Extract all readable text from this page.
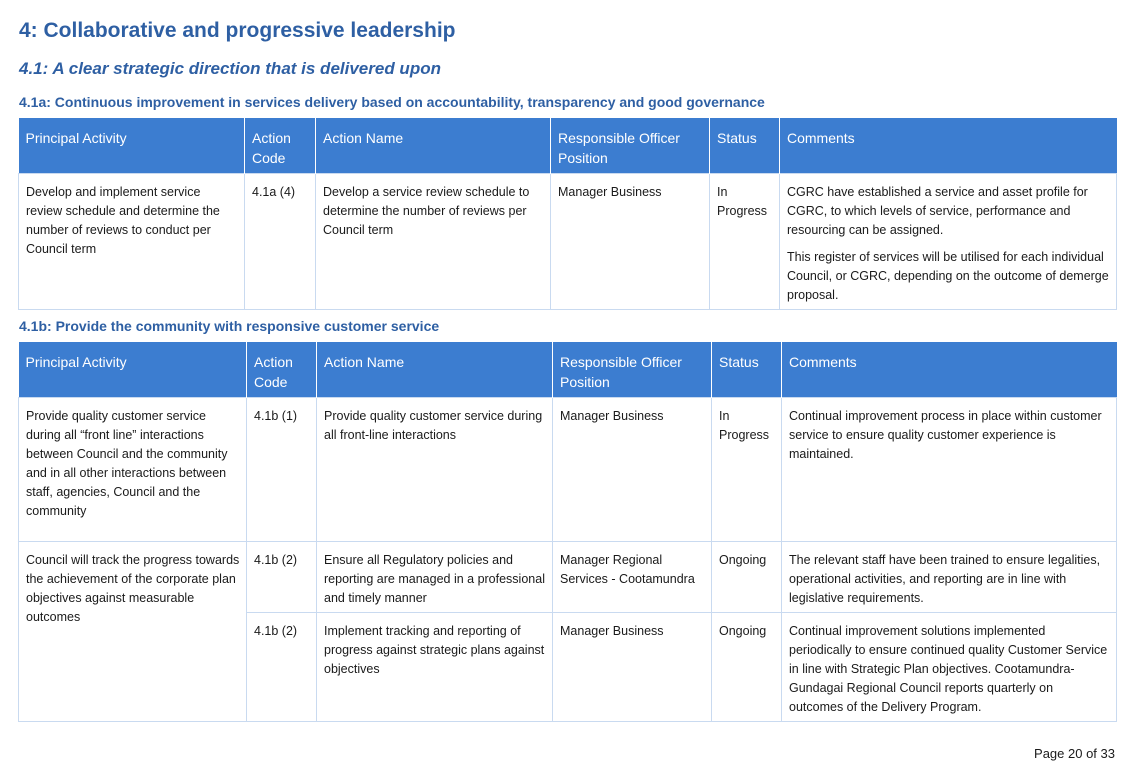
4: Collaborative and progressive leadership
4.1: A clear strategic direction that is delivered upon
4.1a: Continuous improvement in services delivery based on accountability, transparency and good governance
Principal Activity	Action Code	Action Name	Responsible Officer Position	Status	Comments
Develop and implement service review schedule and determine the number of reviews to conduct per Council term	4.1a (4)	Develop a service review schedule to determine the number of reviews per Council term	Manager Business	In Progress	CGRC have established a service and asset profile for CGRC, to which levels of service, performance and resourcing can be assigned.

This register of services will be utilised for each individual Council, or CGRC, depending on the outcome of demerge proposal.

4.1b: Provide the community with responsive customer service
Principal Activity	Action Code	Action Name	Responsible Officer Position	Status	Comments
Provide quality customer service during all “front line” interactions between Council and the community and in all other interactions between staff, agencies, Council and the community	4.1b (1)	Provide quality customer service during all front-line interactions	Manager Business	In Progress	Continual improvement process in place within customer service to ensure quality customer experience is maintained.
Council will track the progress towards the achievement of the corporate plan objectives against measurable outcomes	4.1b (2)	Ensure all Regulatory policies and reporting are managed in a professional and timely manner	Manager Regional Services - Cootamundra	Ongoing	The relevant staff have been trained to ensure legalities, operational activities, and reporting are in line with legislative requirements.
	4.1b (2)	Implement tracking and reporting of progress against strategic plans against objectives	Manager Business	Ongoing	Continual improvement solutions implemented periodically to ensure continued quality Customer Service in line with Strategic Plan objectives. Cootamundra-Gundagai Regional Council reports quarterly on outcomes of the Delivery Program.
Page 20 of 33
